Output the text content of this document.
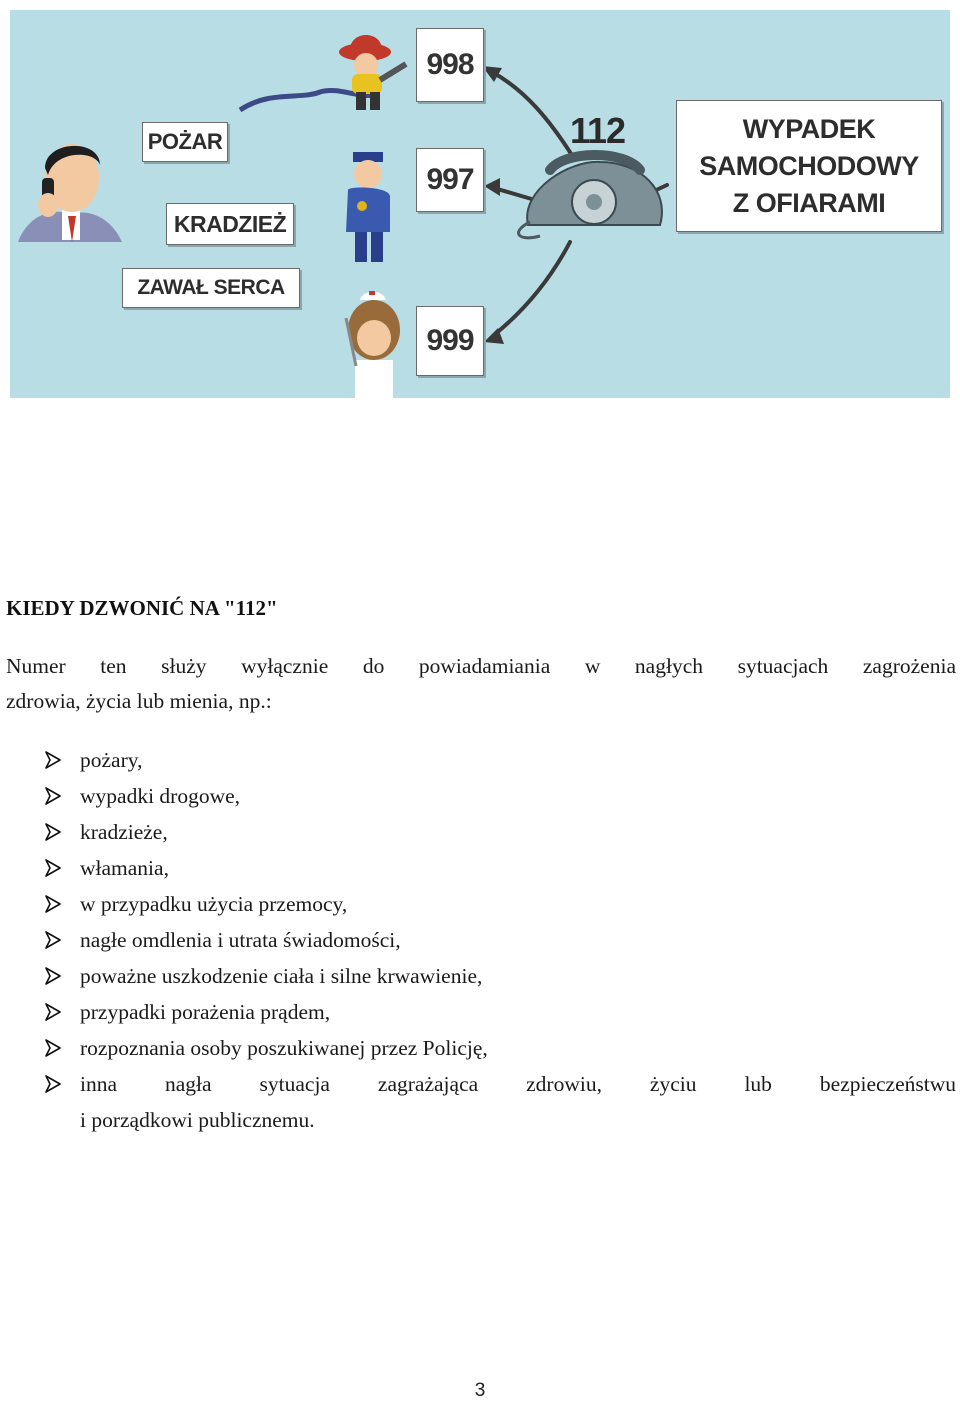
POŻAR
KRADZIEŻ
ZAWAŁ SERCA
WYPADEK SAMOCHODOWY Z OFIARAMI
998
997
999
112
KIEDY DZWONIĆ NA "112"
Numer ten służy wyłącznie do powiadamiania w nagłych sytuacjach zagrożenia
zdrowia, życia lub mienia, np.:
pożary,
wypadki drogowe,
kradzieże,
włamania,
w przypadku użycia przemocy,
nagłe omdlenia i utrata świadomości,
poważne uszkodzenie ciała i silne krwawienie,
przypadki porażenia prądem,
rozpoznania osoby poszukiwanej przez Policję,
inna nagła sytuacja zagrażająca zdrowiu, życiu lub bezpieczeństwu
i porządkowi publicznemu.
3
